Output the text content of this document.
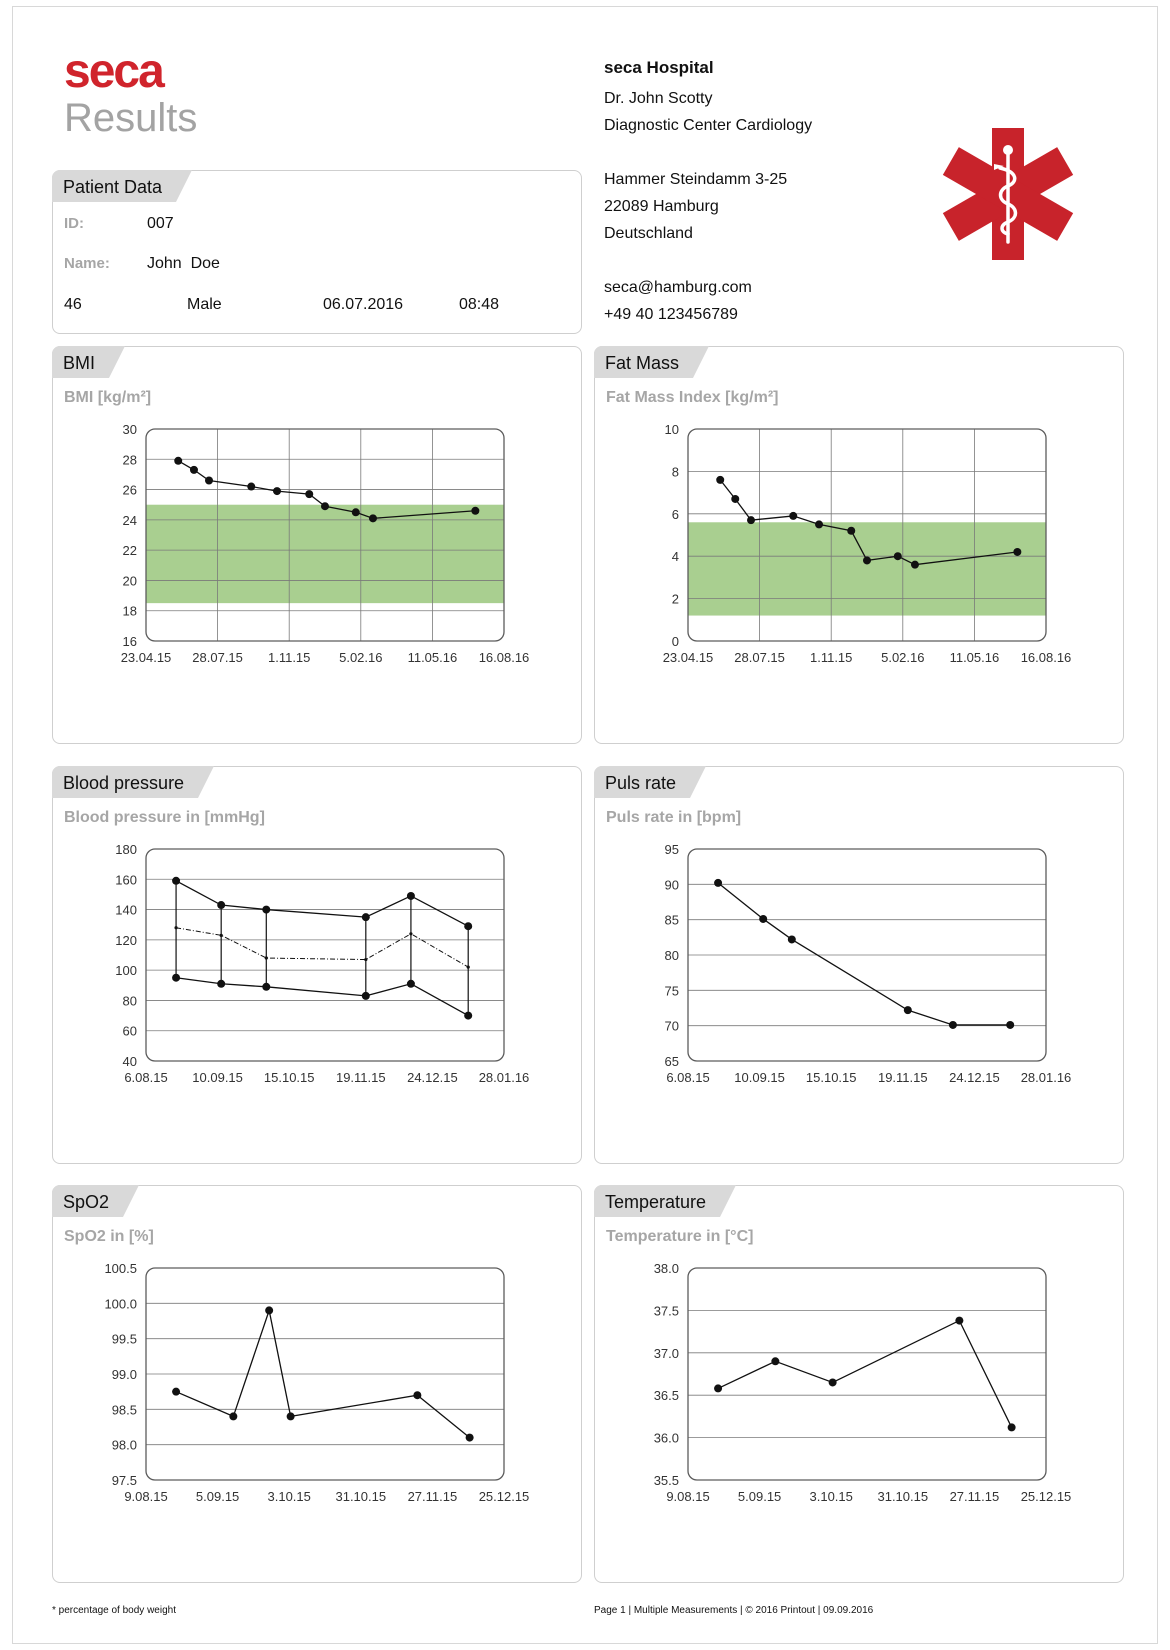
seca
Results
seca Hospital
Dr. John Scotty
Diagnostic Center Cardiology
Hammer Steindamm 3-25
22089 Hamburg
Deutschland
seca@hamburg.com
+49 40 123456789
Patient Data
ID:	007
Name: John  Doe
46	Male	06.07.2016	08:48
BMI
BMI [kg/m²]
30
28
26
24
22
20
18
16
23.04.15 28.07.15 1.11.15 5.02.16 11.05.16 16.08.16
Fat Mass
Fat Mass Index [kg/m²]
10
8
6
4
2
0
23.04.15 28.07.15 1.11.15 5.02.16 11.05.16 16.08.16
Blood pressure
Blood pressure in [mmHg]
180
160
140
120
100
80
60
40
6.08.15 10.09.15 15.10.15 19.11.15 24.12.15 28.01.16
Puls rate
Puls rate in [bpm]
95
90
85
80
75
70
65
6.08.15 10.09.15 15.10.15 19.11.15 24.12.15 28.01.16
SpO2
SpO2 in [%]
100.5
100.0
99.5
99.0
98.5
98.0
97.5
9.08.15 5.09.15 3.10.15 31.10.15 27.11.15 25.12.15
Temperature
Temperature in [°C]
38.0
37.5
37.0
36.5
36.0
35.5
9.08.15 5.09.15 3.10.15 31.10.15 27.11.15 25.12.15
* percentage of body weight	Page 1 | Multiple Measurements | © 2016 Printout | 09.09.2016
